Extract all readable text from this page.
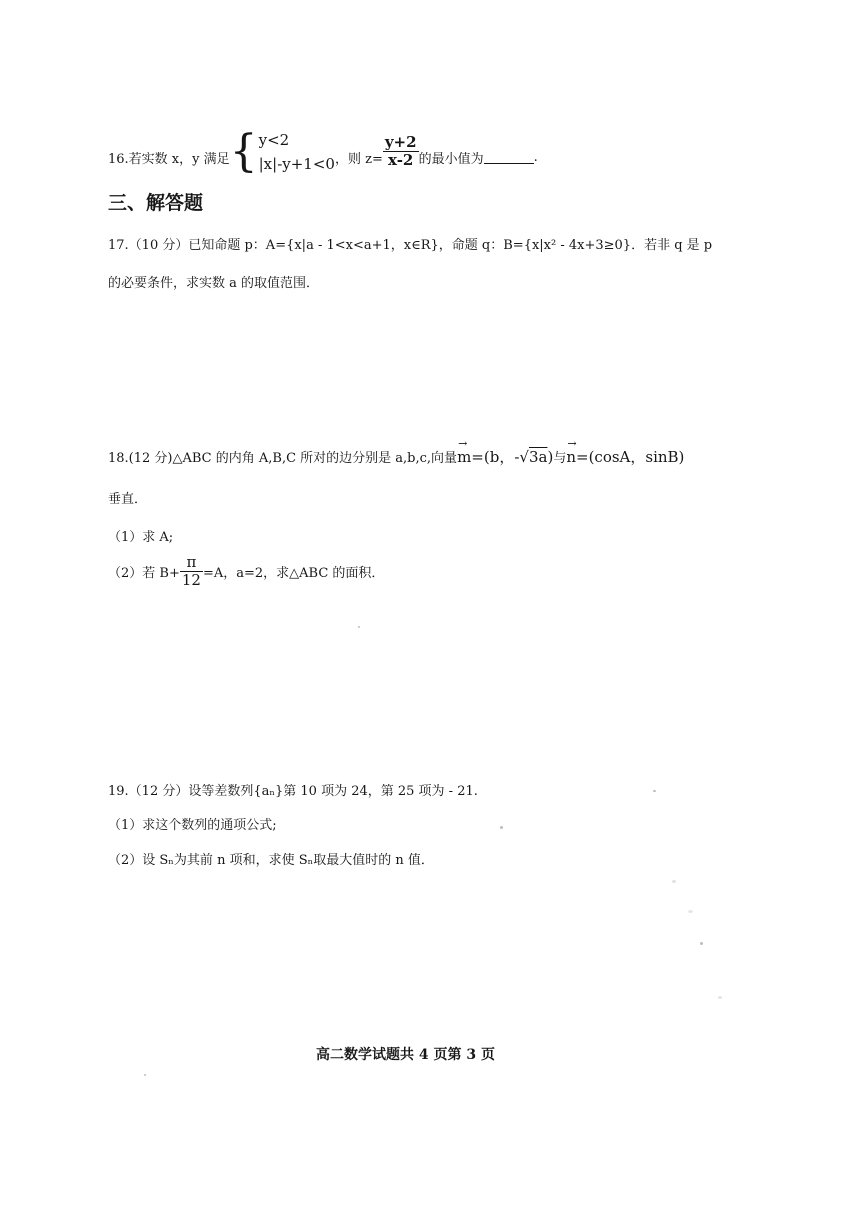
16.若实数 x，y 满足 { y<2
|x|-y+1<0 ，则 $z= \frac{y+2}{x-2}$ 的最小值为	.
三、解答题
17.（10 分）已知命题 p：A={x|a - 1<x<a+1，x∈R}，命题 q：B={x|x² - 4x+3≥0}．若非 q 是 p
的必要条件，求实数 a 的取值范围．
18.(12 分)△ABC 的内角 A,B,C 所对的边分别是 a,b,c,向量
→
m=(b，-√3a)与
→
n=(cosA，sinB)
垂直．
（1）求 A;
（2）若 $B+ \frac{\pi}{12} =A$，a=2，求△ABC 的面积．
19.（12 分）设等差数列{aₙ}第 10 项为 24，第 25 项为 - 21.
（1）求这个数列的通项公式;
（2）设 Sₙ为其前 n 项和，求使 Sₙ取最大值时的 n 值．
高二数学试题共 4 页第 3 页
